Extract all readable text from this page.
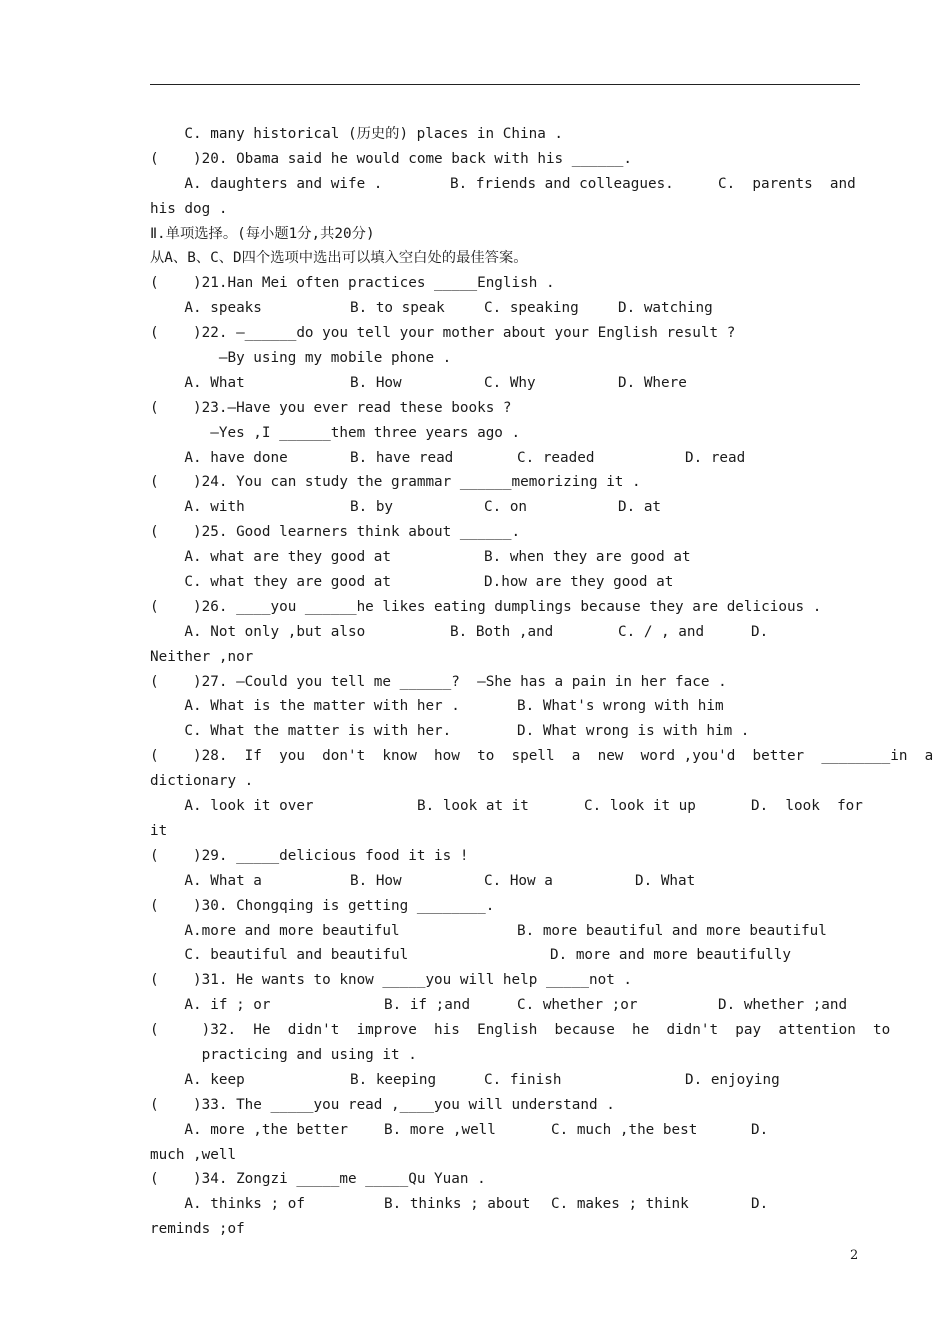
C. many historical (历史的) places in China .
(    )20. Obama said he would come back with his ______.
A. daughters and wife .	B. friends and colleagues.	C.  parents  and
his dog .
Ⅱ.单项选择。(每小题1分,共20分)
从A、B、C、D四个选项中选出可以填入空白处的最佳答案。
(    )21.Han Mei often practices _____English .
A. speaks	B. to speak	C. speaking	D. watching
(    )22. —______do you tell your mother about your English result ?
—By using my mobile phone .
A. What	B. How	C. Why	D. Where
(    )23.—Have you ever read these books ?
—Yes ,I ______them three years ago .
A. have done	B. have read	C. readed	D. read
(    )24. You can study the grammar ______memorizing it .
A. with	B. by	C. on	D. at
(    )25. Good learners think about ______.
A. what are they good at	B. when they are good at
C. what they are good at	D.how are they good at
(    )26. ____you ______he likes eating dumplings because they are delicious .
A. Not only ,but also	B. Both ,and	C. / , and	D.
Neither ,nor
(    )27. —Could you tell me ______?  —She has a pain in her face .
A. What is the matter with her .	B. What's wrong with him
C. What the matter is with her.	D. What wrong is with him .
(    )28.  If  you  don't  know  how  to  spell  a  new  word ,you'd  better  ________in  a
dictionary .
A. look it over	B. look at it	C. look it up	D.  look  for
it
(    )29. _____delicious food it is !
A. What a	B. How	C. How a	D. What
(    )30. Chongqing is getting ________.
A.more and more beautiful	B. more beautiful and more beautiful
C. beautiful and beautiful	D. more and more beautifully
(    )31. He wants to know _____you will help _____not .
A. if ; or	B. if ;and	C. whether ;or	D. whether ;and
(     )32.  He  didn't  improve  his  English  because  he  didn't  pay  attention  to
practicing and using it .
A. keep	B. keeping	C. finish	D. enjoying
(    )33. The _____you read ,____you will understand .
A. more ,the better	B. more ,well	C. much ,the best	D.
much ,well
(    )34. Zongzi _____me _____Qu Yuan .
A. thinks ; of	B. thinks ; about C. makes ; think	D.
reminds ;of
2
